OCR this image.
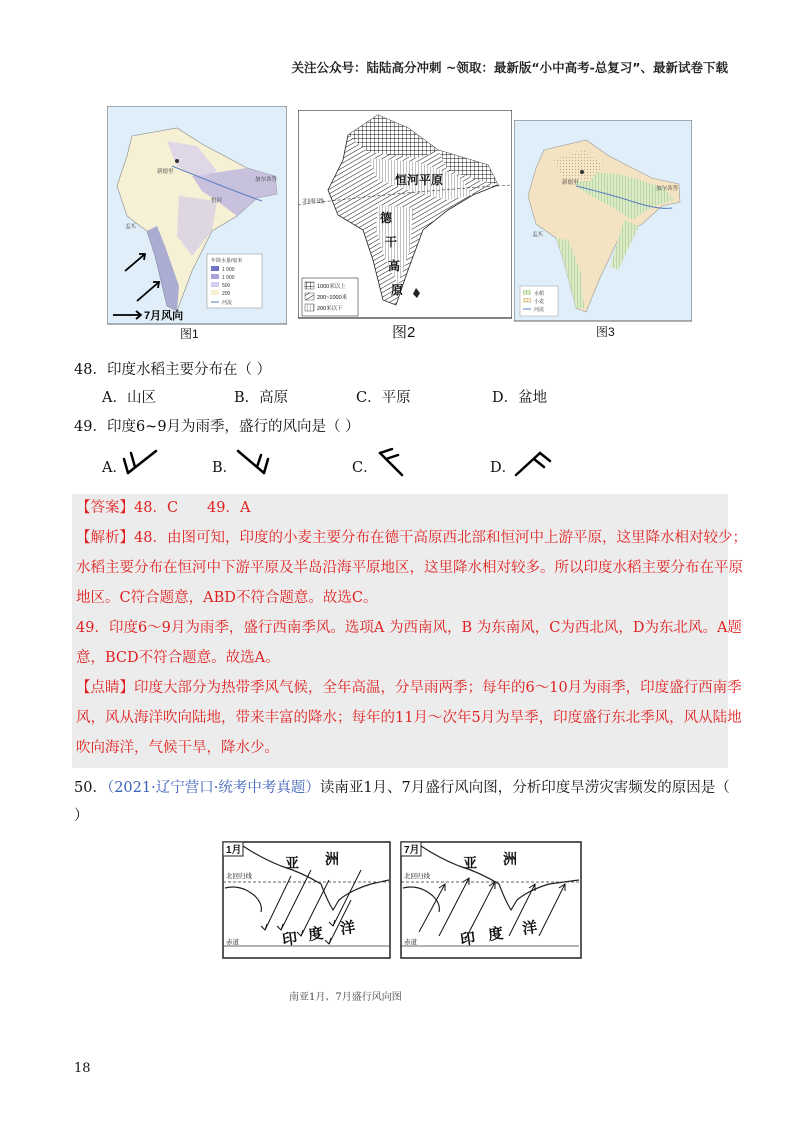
关注公众号：陆陆高分冲刺 ~领取：最新版“小中高考-总复习”、最新试卷下载
新德里
加尔各答
孟买
恒河
年降水量/毫米
1 000
1 000
500
200
河流
7月风向
图1
北回归线
恒河平原
德
干
高
原
1000米以上
200~1000米
200米以下
图2
新德里
加尔各答
孟买
水稻
小麦
河流
图3
48．印度水稻主要分布在（ ）
A．山区	B．高原	C．平原	D．盆地
49．印度6~9月为雨季，盛行的风向是（ ）
A．	B．	C．	D．
【答案】48．C　　49．A
【解析】48．由图可知，印度的小麦主要分布在德干高原西北部和恒河中上游平原，这里降水相对较少；
水稻主要分布在恒河中下游平原及半岛沿海平原地区，这里降水相对较多。所以印度水稻主要分布在平原
地区。C符合题意，ABD不符合题意。故选C。
49．印度6～9月为雨季，盛行西南季风。选项A 为西南风，B 为东南风，C为西北风，D为东北风。A题
意，BCD不符合题意。故选A。
【点睛】印度大部分为热带季风气候，全年高温，分旱雨两季；每年的6～10月为雨季，印度盛行西南季
风，风从海洋吹向陆地，带来丰富的降水；每年的11月～次年5月为旱季，印度盛行东北季风，风从陆地
吹向海洋，气候干旱，降水少。
50．（2021·辽宁营口·统考中考真题）读南亚1月、7月盛行风向图，分析印度旱涝灾害频发的原因是（
）
1月
亚 洲
北回归线
赤道	印 度 洋
7月
亚 洲
北回归线
赤道	印 度 洋
南亚1月、7月盛行风向图
18
